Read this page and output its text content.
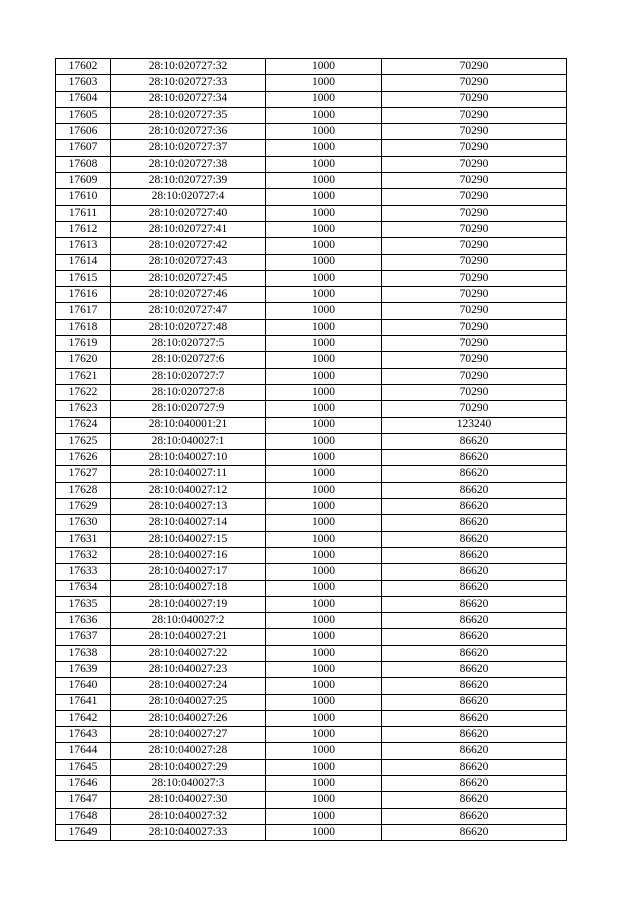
17602	28:10:020727:32	1000	70290
17603	28:10:020727:33	1000	70290
17604	28:10:020727:34	1000	70290
17605	28:10:020727:35	1000	70290
17606	28:10:020727:36	1000	70290
17607	28:10:020727:37	1000	70290
17608	28:10:020727:38	1000	70290
17609	28:10:020727:39	1000	70290
17610	28:10:020727:4	1000	70290
17611	28:10:020727:40	1000	70290
17612	28:10:020727:41	1000	70290
17613	28:10:020727:42	1000	70290
17614	28:10:020727:43	1000	70290
17615	28:10:020727:45	1000	70290
17616	28:10:020727:46	1000	70290
17617	28:10:020727:47	1000	70290
17618	28:10:020727:48	1000	70290
17619	28:10:020727:5	1000	70290
17620	28:10:020727:6	1000	70290
17621	28:10:020727:7	1000	70290
17622	28:10:020727:8	1000	70290
17623	28:10:020727:9	1000	70290
17624	28:10:040001:21	1000	123240
17625	28:10:040027:1	1000	86620
17626	28:10:040027:10	1000	86620
17627	28:10:040027:11	1000	86620
17628	28:10:040027:12	1000	86620
17629	28:10:040027:13	1000	86620
17630	28:10:040027:14	1000	86620
17631	28:10:040027:15	1000	86620
17632	28:10:040027:16	1000	86620
17633	28:10:040027:17	1000	86620
17634	28:10:040027:18	1000	86620
17635	28:10:040027:19	1000	86620
17636	28:10:040027:2	1000	86620
17637	28:10:040027:21	1000	86620
17638	28:10:040027:22	1000	86620
17639	28:10:040027:23	1000	86620
17640	28:10:040027:24	1000	86620
17641	28:10:040027:25	1000	86620
17642	28:10:040027:26	1000	86620
17643	28:10:040027:27	1000	86620
17644	28:10:040027:28	1000	86620
17645	28:10:040027:29	1000	86620
17646	28:10:040027:3	1000	86620
17647	28:10:040027:30	1000	86620
17648	28:10:040027:32	1000	86620
17649	28:10:040027:33	1000	86620
